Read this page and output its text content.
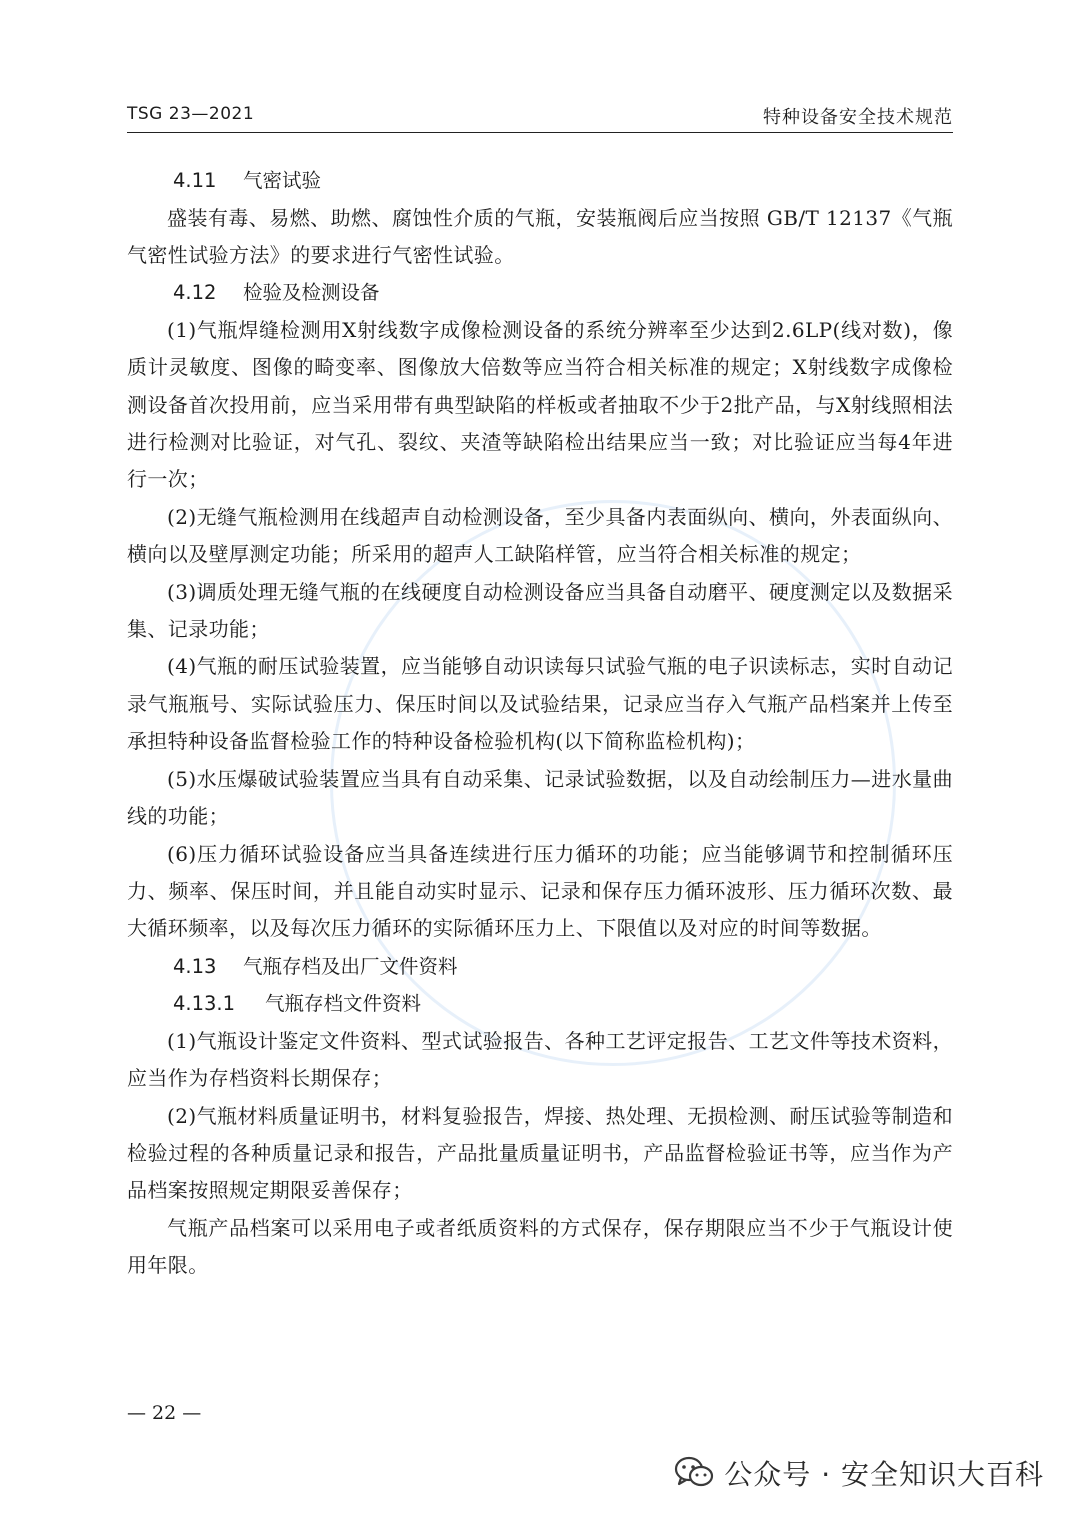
TSG 23—2021	特种设备安全技术规范
4.11 气密试验

盛装有毒、易燃、助燃、腐蚀性介质的气瓶，安装瓶阀后应当按照 GB/T 12137《气瓶气密性试验方法》的要求进行气密性试验。

4.12 检验及检测设备

(1)气瓶焊缝检测用X射线数字成像检测设备的系统分辨率至少达到2.6LP(线对数)，像质计灵敏度、图像的畸变率、图像放大倍数等应当符合相关标准的规定；X射线数字成像检测设备首次投用前，应当采用带有典型缺陷的样板或者抽取不少于2批产品，与X射线照相法进行检测对比验证，对气孔、裂纹、夹渣等缺陷检出结果应当一致；对比验证应当每4年进行一次；

(2)无缝气瓶检测用在线超声自动检测设备，至少具备内表面纵向、横向，外表面纵向、横向以及壁厚测定功能；所采用的超声人工缺陷样管，应当符合相关标准的规定；

(3)调质处理无缝气瓶的在线硬度自动检测设备应当具备自动磨平、硬度测定以及数据采集、记录功能；

(4)气瓶的耐压试验装置，应当能够自动识读每只试验气瓶的电子识读标志，实时自动记录气瓶瓶号、实际试验压力、保压时间以及试验结果，记录应当存入气瓶产品档案并上传至承担特种设备监督检验工作的特种设备检验机构(以下简称监检机构)；

(5)水压爆破试验装置应当具有自动采集、记录试验数据，以及自动绘制压力—进水量曲线的功能；

(6)压力循环试验设备应当具备连续进行压力循环的功能；应当能够调节和控制循环压力、频率、保压时间，并且能自动实时显示、记录和保存压力循环波形、压力循环次数、最大循环频率，以及每次压力循环的实际循环压力上、下限值以及对应的时间等数据。

4.13 气瓶存档及出厂文件资料
4.13.1 气瓶存档文件资料

(1)气瓶设计鉴定文件资料、型式试验报告、各种工艺评定报告、工艺文件等技术资料，应当作为存档资料长期保存；

(2)气瓶材料质量证明书，材料复验报告，焊接、热处理、无损检测、耐压试验等制造和检验过程的各种质量记录和报告，产品批量质量证明书，产品监督检验证书等，应当作为产品档案按照规定期限妥善保存；

气瓶产品档案可以采用电子或者纸质资料的方式保存，保存期限应当不少于气瓶设计使用年限。

— 22 —
公众号 · 安全知识大百科
